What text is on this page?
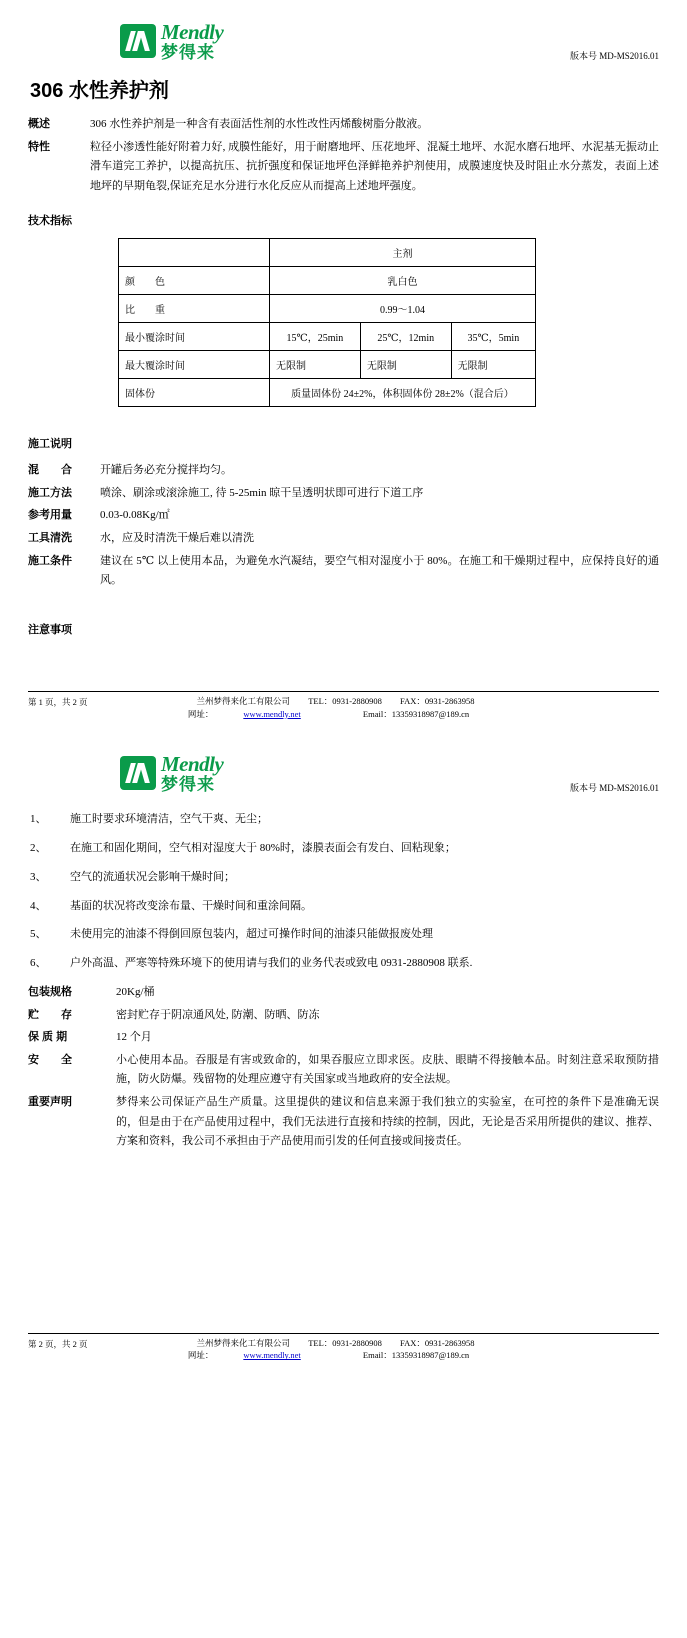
Mendly
梦得来	版本号 MD-MS2016.01
306 水性养护剂
概述	306 水性养护剂是一种含有表面活性剂的水性改性丙烯酸树脂分散液。
特性	粒径小渗透性能好附着力好, 成膜性能好，用于耐磨地坪、压花地坪、混凝土地坪、水泥水磨石地坪、水泥基无振动止滑车道完工养护，以提高抗压、抗折强度和保证地坪色泽鲜艳养护剂使用，成膜速度快及时阻止水分蒸发，表面上述地坪的早期龟裂,保证充足水分进行水化反应从而提高上述地坪强度。
技术指标
	主剂		
颜　　色	乳白色		
比　　重	0.99～1.04		
最小覆涂时间	15℃，25min	25℃，12min	35℃，5min
最大覆涂时间	无限制	无限制	无限制
固体份	质量固体份 24±2%，体积固体份 28±2%（混合后）		
施工说明
混　　合	开罐后务必充分搅拌均匀。
施工方法	喷涂、刷涂或滚涂施工, 待 5-25min 晾干呈透明状即可进行下道工序
参考用量	0.03-0.08Kg/㎡
工具清洗	水，应及时清洗干燥后难以清洗
施工条件	建议在 5℃ 以上使用本品，为避免水汽凝结，要空气相对湿度小于 80%。在施工和干燥期过程中，应保持良好的通风。
注意事项
第 1 页，共 2 页	兰州梦得来化工有限公司 TEL：0931-2880908 FAX：0931-2863958
网址：	www.mendly.net	Email：13359318987@189.cn
Mendly
梦得来	版本号 MD-MS2016.01
1、	施工时要求环境清洁，空气干爽、无尘；
2、	在施工和固化期间，空气相对湿度大于 80%时，漆膜表面会有发白、回粘现象；
3、	空气的流通状况会影响干燥时间；
4、	基面的状况将改变涂布量、干燥时间和重涂间隔。
5、	未使用完的油漆不得倒回原包装内，超过可操作时间的油漆只能做报废处理
6、	户外高温、严寒等特殊环境下的使用请与我们的业务代表或致电 0931-2880908 联系.
包装规格	20Kg/桶
贮　　存	密封贮存于阴凉通风处, 防潮、防晒、防冻
保 质 期	12 个月
安　　全	小心使用本品。吞服是有害或致命的，如果吞服应立即求医。皮肤、眼睛不得接触本品。时刻注意采取预防措施，防火防爆。残留物的处理应遵守有关国家或当地政府的安全法规。
重要声明	梦得来公司保证产品生产质量。这里提供的建议和信息来源于我们独立的实验室，在可控的条件下是准确无误的，但是由于在产品使用过程中，我们无法进行直接和持续的控制，因此，无论是否采用所提供的建议、推荐、方案和资料，我公司不承担由于产品使用而引发的任何直接或间接责任。
第 2 页，共 2 页	兰州梦得来化工有限公司 TEL：0931-2880908 FAX：0931-2863958
网址：	www.mendly.net	Email：13359318987@189.cn
